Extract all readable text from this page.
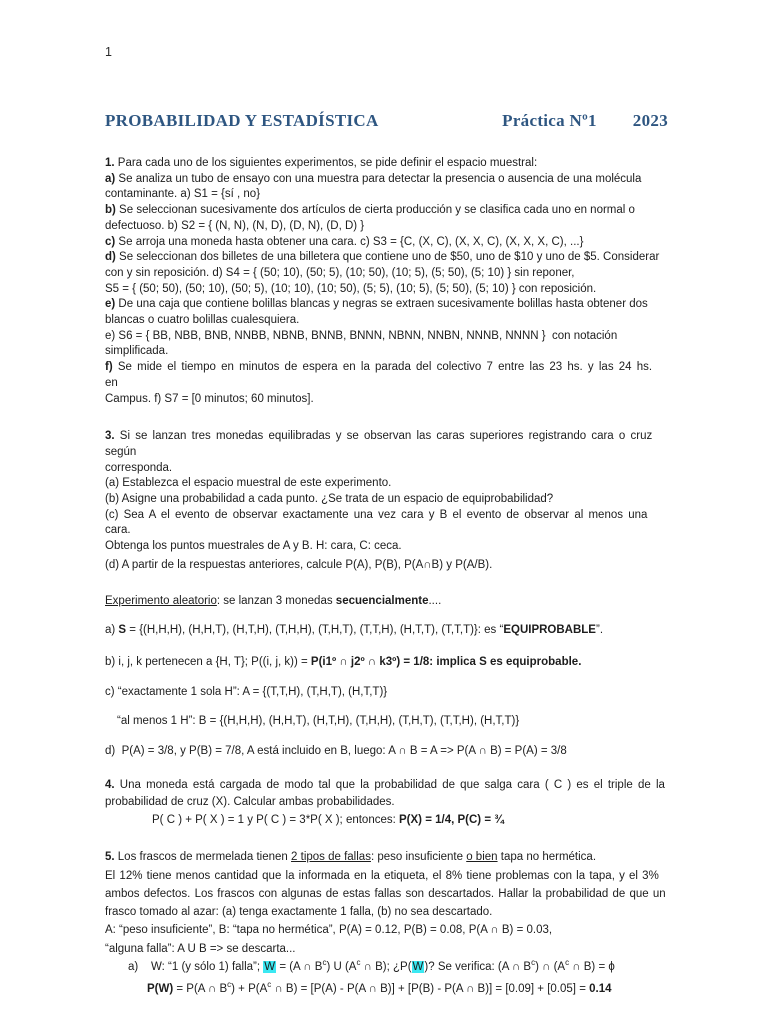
1
PROBABILIDAD Y ESTADÍSTICA	Práctica Nº1 2023
1. Para cada uno de los siguientes experimentos, se pide definir el espacio muestral:
a) Se analiza un tubo de ensayo con una muestra para detectar la presencia o ausencia de una molécula
contaminante. a) S1 = {sí , no}
b) Se seleccionan sucesivamente dos artículos de cierta producción y se clasifica cada uno en normal o
defectuoso. b) S2 = { (N, N), (N, D), (D, N), (D, D) }
c) Se arroja una moneda hasta obtener una cara. c) S3 = {C, (X, C), (X, X, C), (X, X, X, C), ...}
d) Se seleccionan dos billetes de una billetera que contiene uno de $50, uno de $10 y uno de $5. Considerar
con y sin reposición. d) S4 = { (50; 10), (50; 5), (10; 50), (10; 5), (5; 50), (5; 10) } sin reponer,
S5 = { (50; 50), (50; 10), (50; 5), (10; 10), (10; 50), (5; 5), (10; 5), (5; 50), (5; 10) } con reposición.
e) De una caja que contiene bolillas blancas y negras se extraen sucesivamente bolillas hasta obtener dos
blancas o cuatro bolillas cualesquiera.
e) S6 = { BB, NBB, BNB, NNBB, NBNB, BNNB, BNNN, NBNN, NNBN, NNNB, NNNN }  con notación simplificada.
f) Se mide el tiempo en minutos de espera en la parada del colectivo 7 entre las 23 hs. y las 24 hs. en
Campus. f) S7 = [0 minutos; 60 minutos].
3. Si se lanzan tres monedas equilibradas y se observan las caras superiores registrando cara o cruz según
corresponda.
(a) Establezca el espacio muestral de este experimento.
(b) Asigne una probabilidad a cada punto. ¿Se trata de un espacio de equiprobabilidad?
(c) Sea A el evento de observar exactamente una vez cara y B el evento de observar al menos una cara.
Obtenga los puntos muestrales de A y B. H: cara, C: ceca.
(d) A partir de la respuestas anteriores, calcule P(A), P(B), P(A∩B) y P(A/B).
Experimento aleatorio: se lanzan 3 monedas secuencialmente....
a) S = {(H,H,H), (H,H,T), (H,T,H), (T,H,H), (T,H,T), (T,T,H), (H,T,T), (T,T,T)}: es “EQUIPROBABLE”.
b) i, j, k pertenecen a {H, T}; P((i, j, k)) = P(i1º ∩ j2º ∩ k3º) = 1/8: implica S es equiprobable.
c) “exactamente 1 sola H”: A = {(T,T,H), (T,H,T), (H,T,T)}
“al menos 1 H”: B = {(H,H,H), (H,H,T), (H,T,H), (T,H,H), (T,H,T), (T,T,H), (H,T,T)}
d)  P(A) = 3/8, y P(B) = 7/8, A está incluido en B, luego: A ∩ B = A => P(A ∩ B) = P(A) = 3/8
4. Una moneda está cargada de modo tal que la probabilidad de que salga cara ( C ) es el triple de la
probabilidad de cruz (X). Calcular ambas probabilidades.
P( C ) + P( X ) = 1 y P( C ) = 3*P( X ); entonces: P(X) = 1/4, P(C) = ¾
5. Los frascos de mermelada tienen 2 tipos de fallas: peso insuficiente o bien tapa no hermética.
El 12% tiene menos cantidad que la informada en la etiqueta, el 8% tiene problemas con la tapa, y el 3%
ambos defectos. Los frascos con algunas de estas fallas son descartados. Hallar la probabilidad de que un
frasco tomado al azar: (a) tenga exactamente 1 falla, (b) no sea descartado.
A: “peso insuficiente”, B: “tapa no hermética”, P(A) = 0.12, P(B) = 0.08, P(A ∩ B) = 0.03,
“alguna falla”: A U B => se descarta...
a)    W: “1 (y sólo 1) falla”; W = (A ∩ $B^c$) U ($A^c$ ∩ B); ¿P(W)? Se verifica: (A ∩ $B^c$) ∩ ($A^c$ ∩ B) = ϕ
P(W) = P(A ∩ $B^c) + P(A^c$ ∩ B) = [P(A) - P(A ∩ B)] + [P(B) - P(A ∩ B)] = [0.09] + [0.05] = 0.14
